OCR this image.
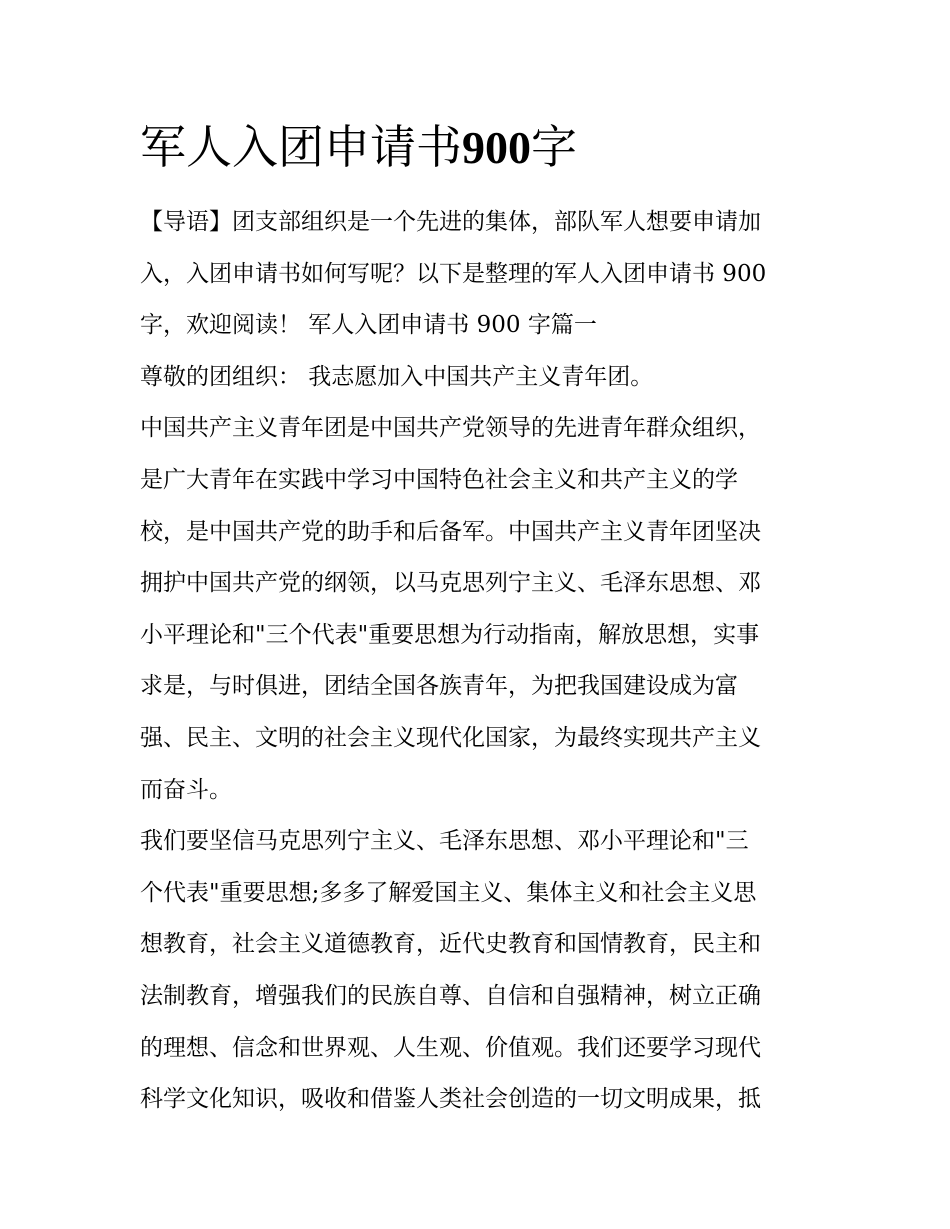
军人入团申请书900字

【导语】团支部组织是一个先进的集体，部队军人想要申请加

入，入团申请书如何写呢？以下是整理的军人入团申请书 900

字，欢迎阅读！ 军人入团申请书 900 字篇一

尊敬的团组织： 我志愿加入中国共产主义青年团。

中国共产主义青年团是中国共产党领导的先进青年群众组织，

是广大青年在实践中学习中国特色社会主义和共产主义的学

校，是中国共产党的助手和后备军。中国共产主义青年团坚决

拥护中国共产党的纲领，以马克思列宁主义、毛泽东思想、邓

小平理论和"三个代表"重要思想为行动指南，解放思想，实事

求是，与时俱进，团结全国各族青年，为把我国建设成为富

强、民主、文明的社会主义现代化国家，为最终实现共产主义

而奋斗。

我们要坚信马克思列宁主义、毛泽东思想、邓小平理论和"三

个代表"重要思想;多多了解爱国主义、集体主义和社会主义思

想教育，社会主义道德教育，近代史教育和国情教育，民主和

法制教育，增强我们的民族自尊、自信和自强精神，树立正确

的理想、信念和世界观、人生观、价值观。我们还要学习现代

科学文化知识，吸收和借鉴人类社会创造的一切文明成果，抵
